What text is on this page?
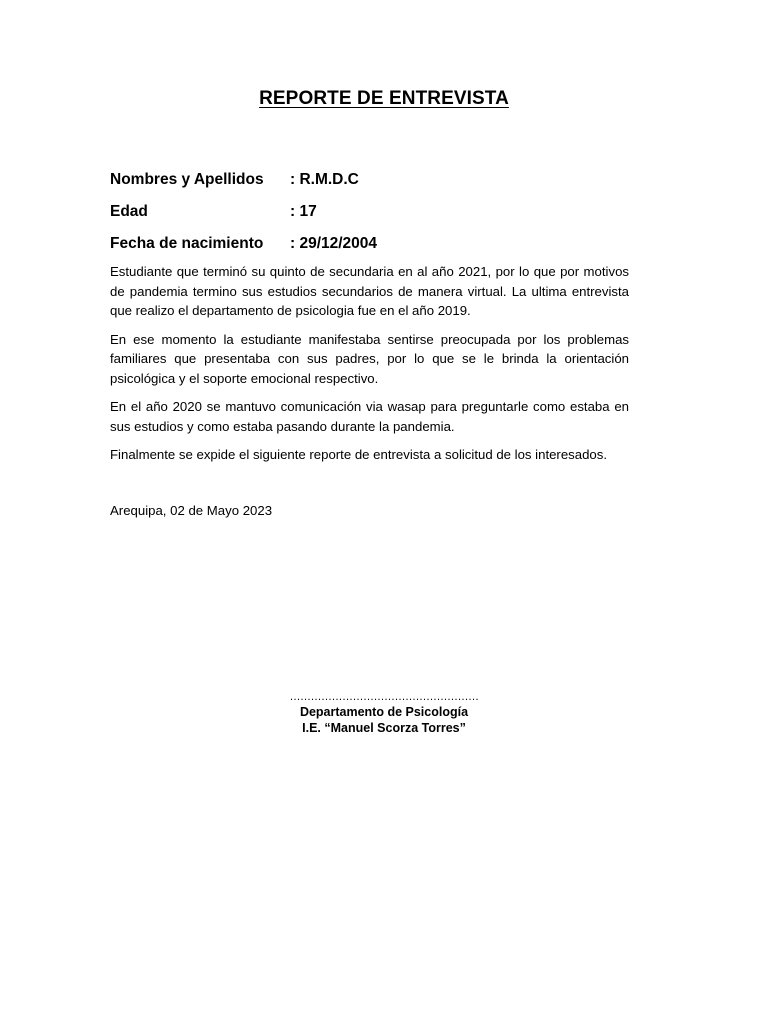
REPORTE DE ENTREVISTA
Nombres y Apellidos	: R.M.D.C
Edad	: 17
Fecha de nacimiento	: 29/12/2004

Estudiante que terminó su quinto de secundaria en al año 2021, por lo que por motivos de pandemia termino sus estudios secundarios de manera virtual. La ultima entrevista que realizo el departamento de psicologia fue en el año 2019.

En ese momento la estudiante manifestaba sentirse preocupada por los problemas familiares que presentaba con sus padres, por lo que se le brinda la orientación psicológica y el soporte emocional respectivo.

En el año 2020 se mantuvo comunicación via wasap para preguntarle como estaba en sus estudios y como estaba pasando durante la pandemia.

Finalmente se expide el siguiente reporte de entrevista a solicitud de los interesados.

Arequipa, 02 de Mayo 2023
………………………………………………
Departamento de Psicología
I.E. “Manuel Scorza Torres”
